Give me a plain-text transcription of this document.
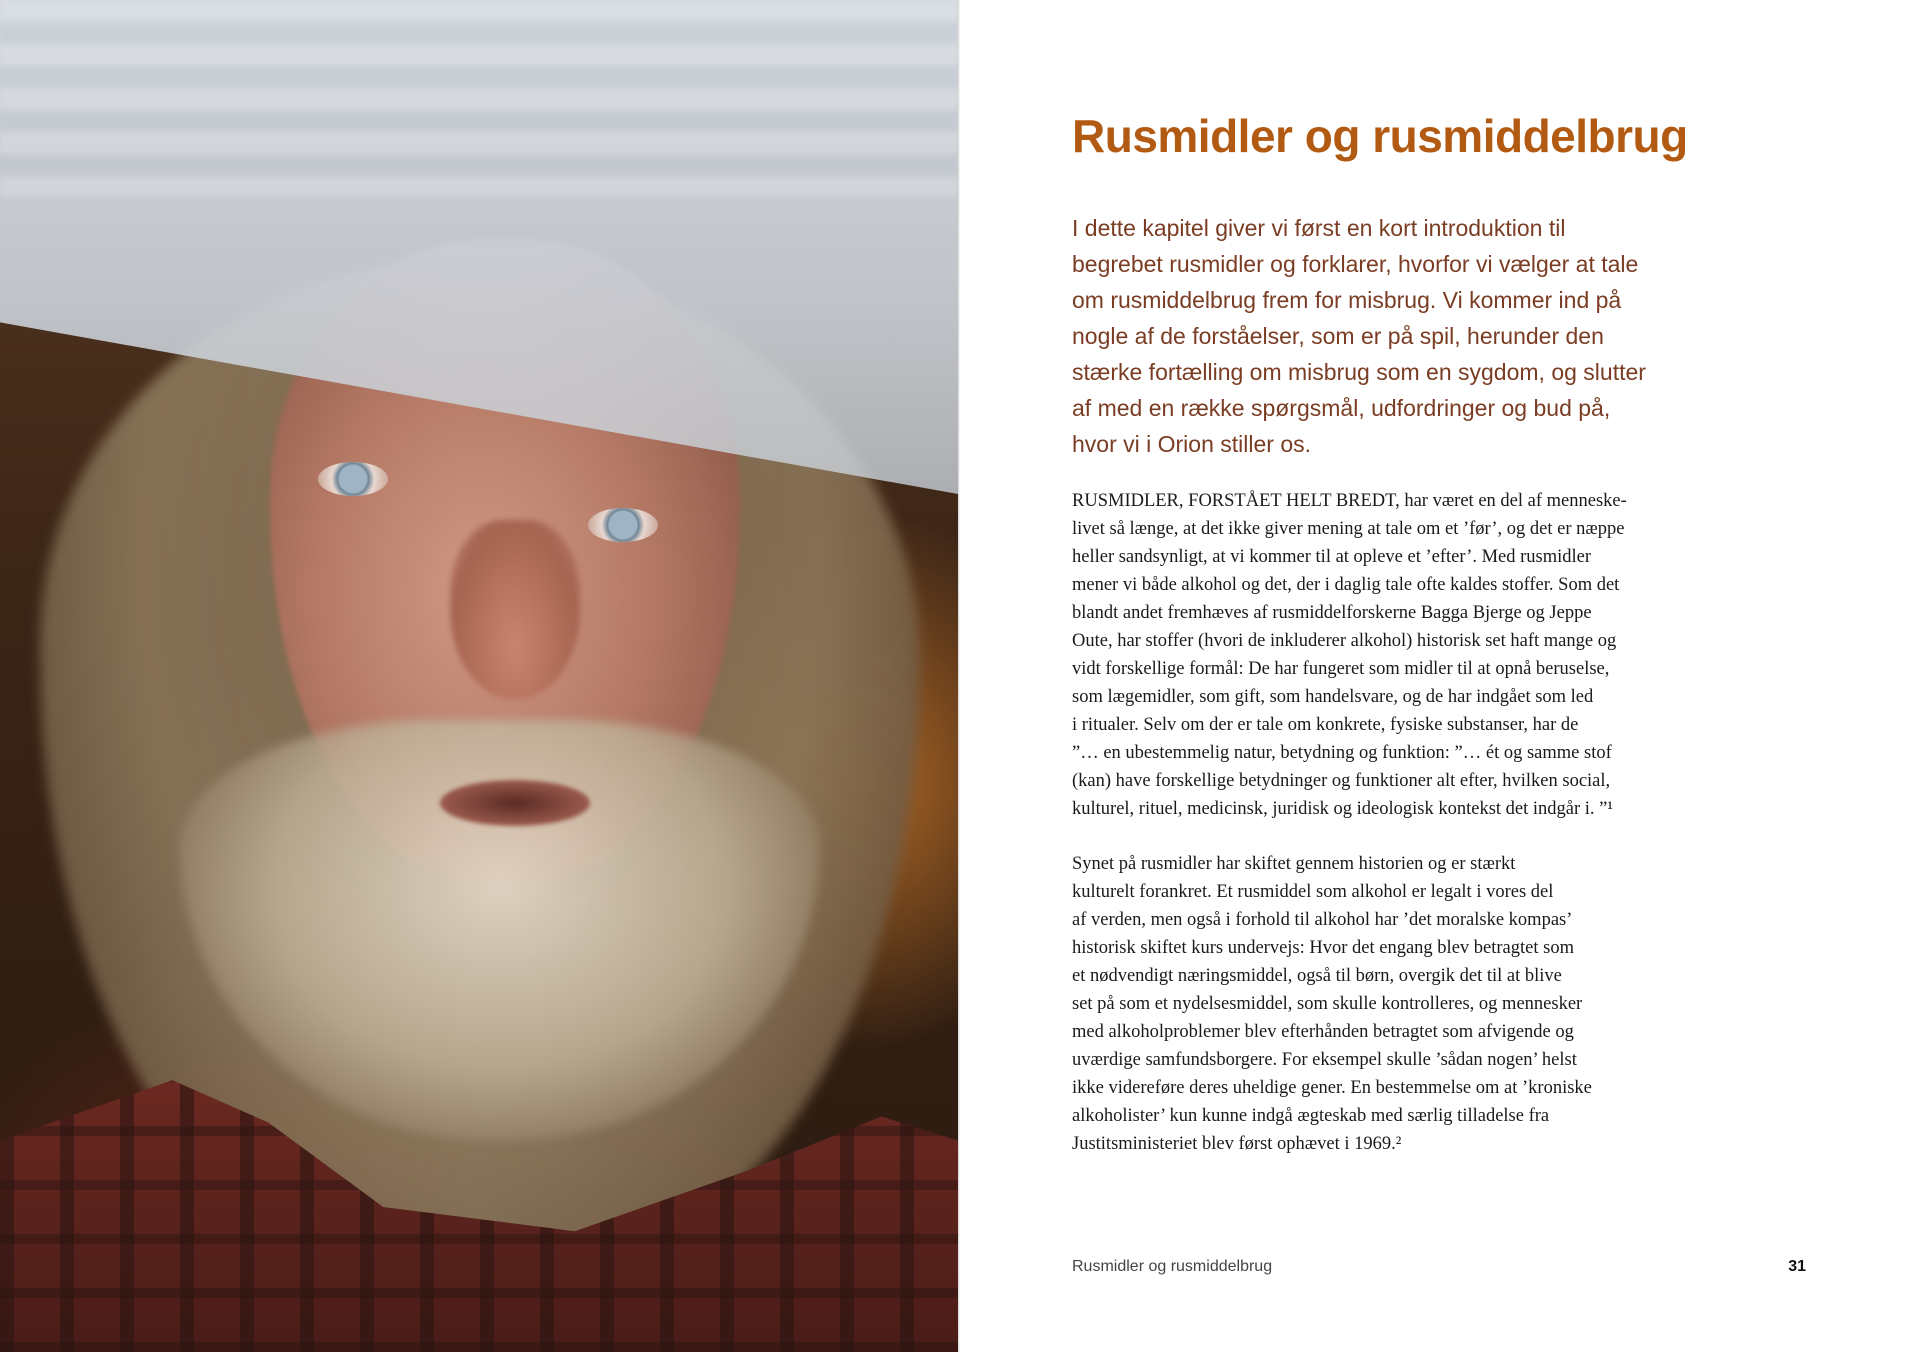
Rusmidler og rusmiddelbrug

I dette kapitel giver vi først en kort introduktion til
begrebet rusmidler og forklarer, hvorfor vi vælger at tale
om rusmiddelbrug frem for misbrug. Vi kommer ind på
nogle af de forståelser, som er på spil, herunder den
stærke fortælling om misbrug som en sygdom, og slutter
af med en række spørgsmål, udfordringer og bud på,
hvor vi i Orion stiller os.

RUSMIDLER, FORSTÅET HELT BREDT, har været en del af menneske-
livet så længe, at det ikke giver mening at tale om et ’før’, og det er næppe
heller sandsynligt, at vi kommer til at opleve et ’efter’. Med rusmidler
mener vi både alkohol og det, der i daglig tale ofte kaldes stoffer. Som det
blandt andet fremhæves af rusmiddelforskerne Bagga Bjerge og Jeppe
Oute, har stoffer (hvori de inkluderer alkohol) historisk set haft mange og
vidt forskellige formål: De har fungeret som midler til at opnå beruselse,
som lægemidler, som gift, som handelsvare, og de har indgået som led
i ritualer. Selv om der er tale om konkrete, fysiske substanser, har de
”… en ubestemmelig natur, betydning og funktion: ”… ét og samme stof
(kan) have forskellige betydninger og funktioner alt efter, hvilken social,
kulturel, rituel, medicinsk, juridisk og ideologisk kontekst det indgår i. ”¹

Synet på rusmidler har skiftet gennem historien og er stærkt
kulturelt forankret. Et rusmiddel som alkohol er legalt i vores del
af verden, men også i forhold til alkohol har ’det moralske kompas’
historisk skiftet kurs undervejs: Hvor det engang blev betragtet som
et nødvendigt næringsmiddel, også til børn, overgik det til at blive
set på som et nydelsesmiddel, som skulle kontrolleres, og mennesker
med alkoholproblemer blev efterhånden betragtet som afvigende og
uværdige samfundsborgere. For eksempel skulle ’sådan nogen’ helst
ikke videreføre deres uheldige gener. En bestemmelse om at ’kroniske
alkoholister’ kun kunne indgå ægteskab med særlig tilladelse fra
Justitsministeriet blev først ophævet i 1969.²

Rusmidler og rusmiddelbrug	31
